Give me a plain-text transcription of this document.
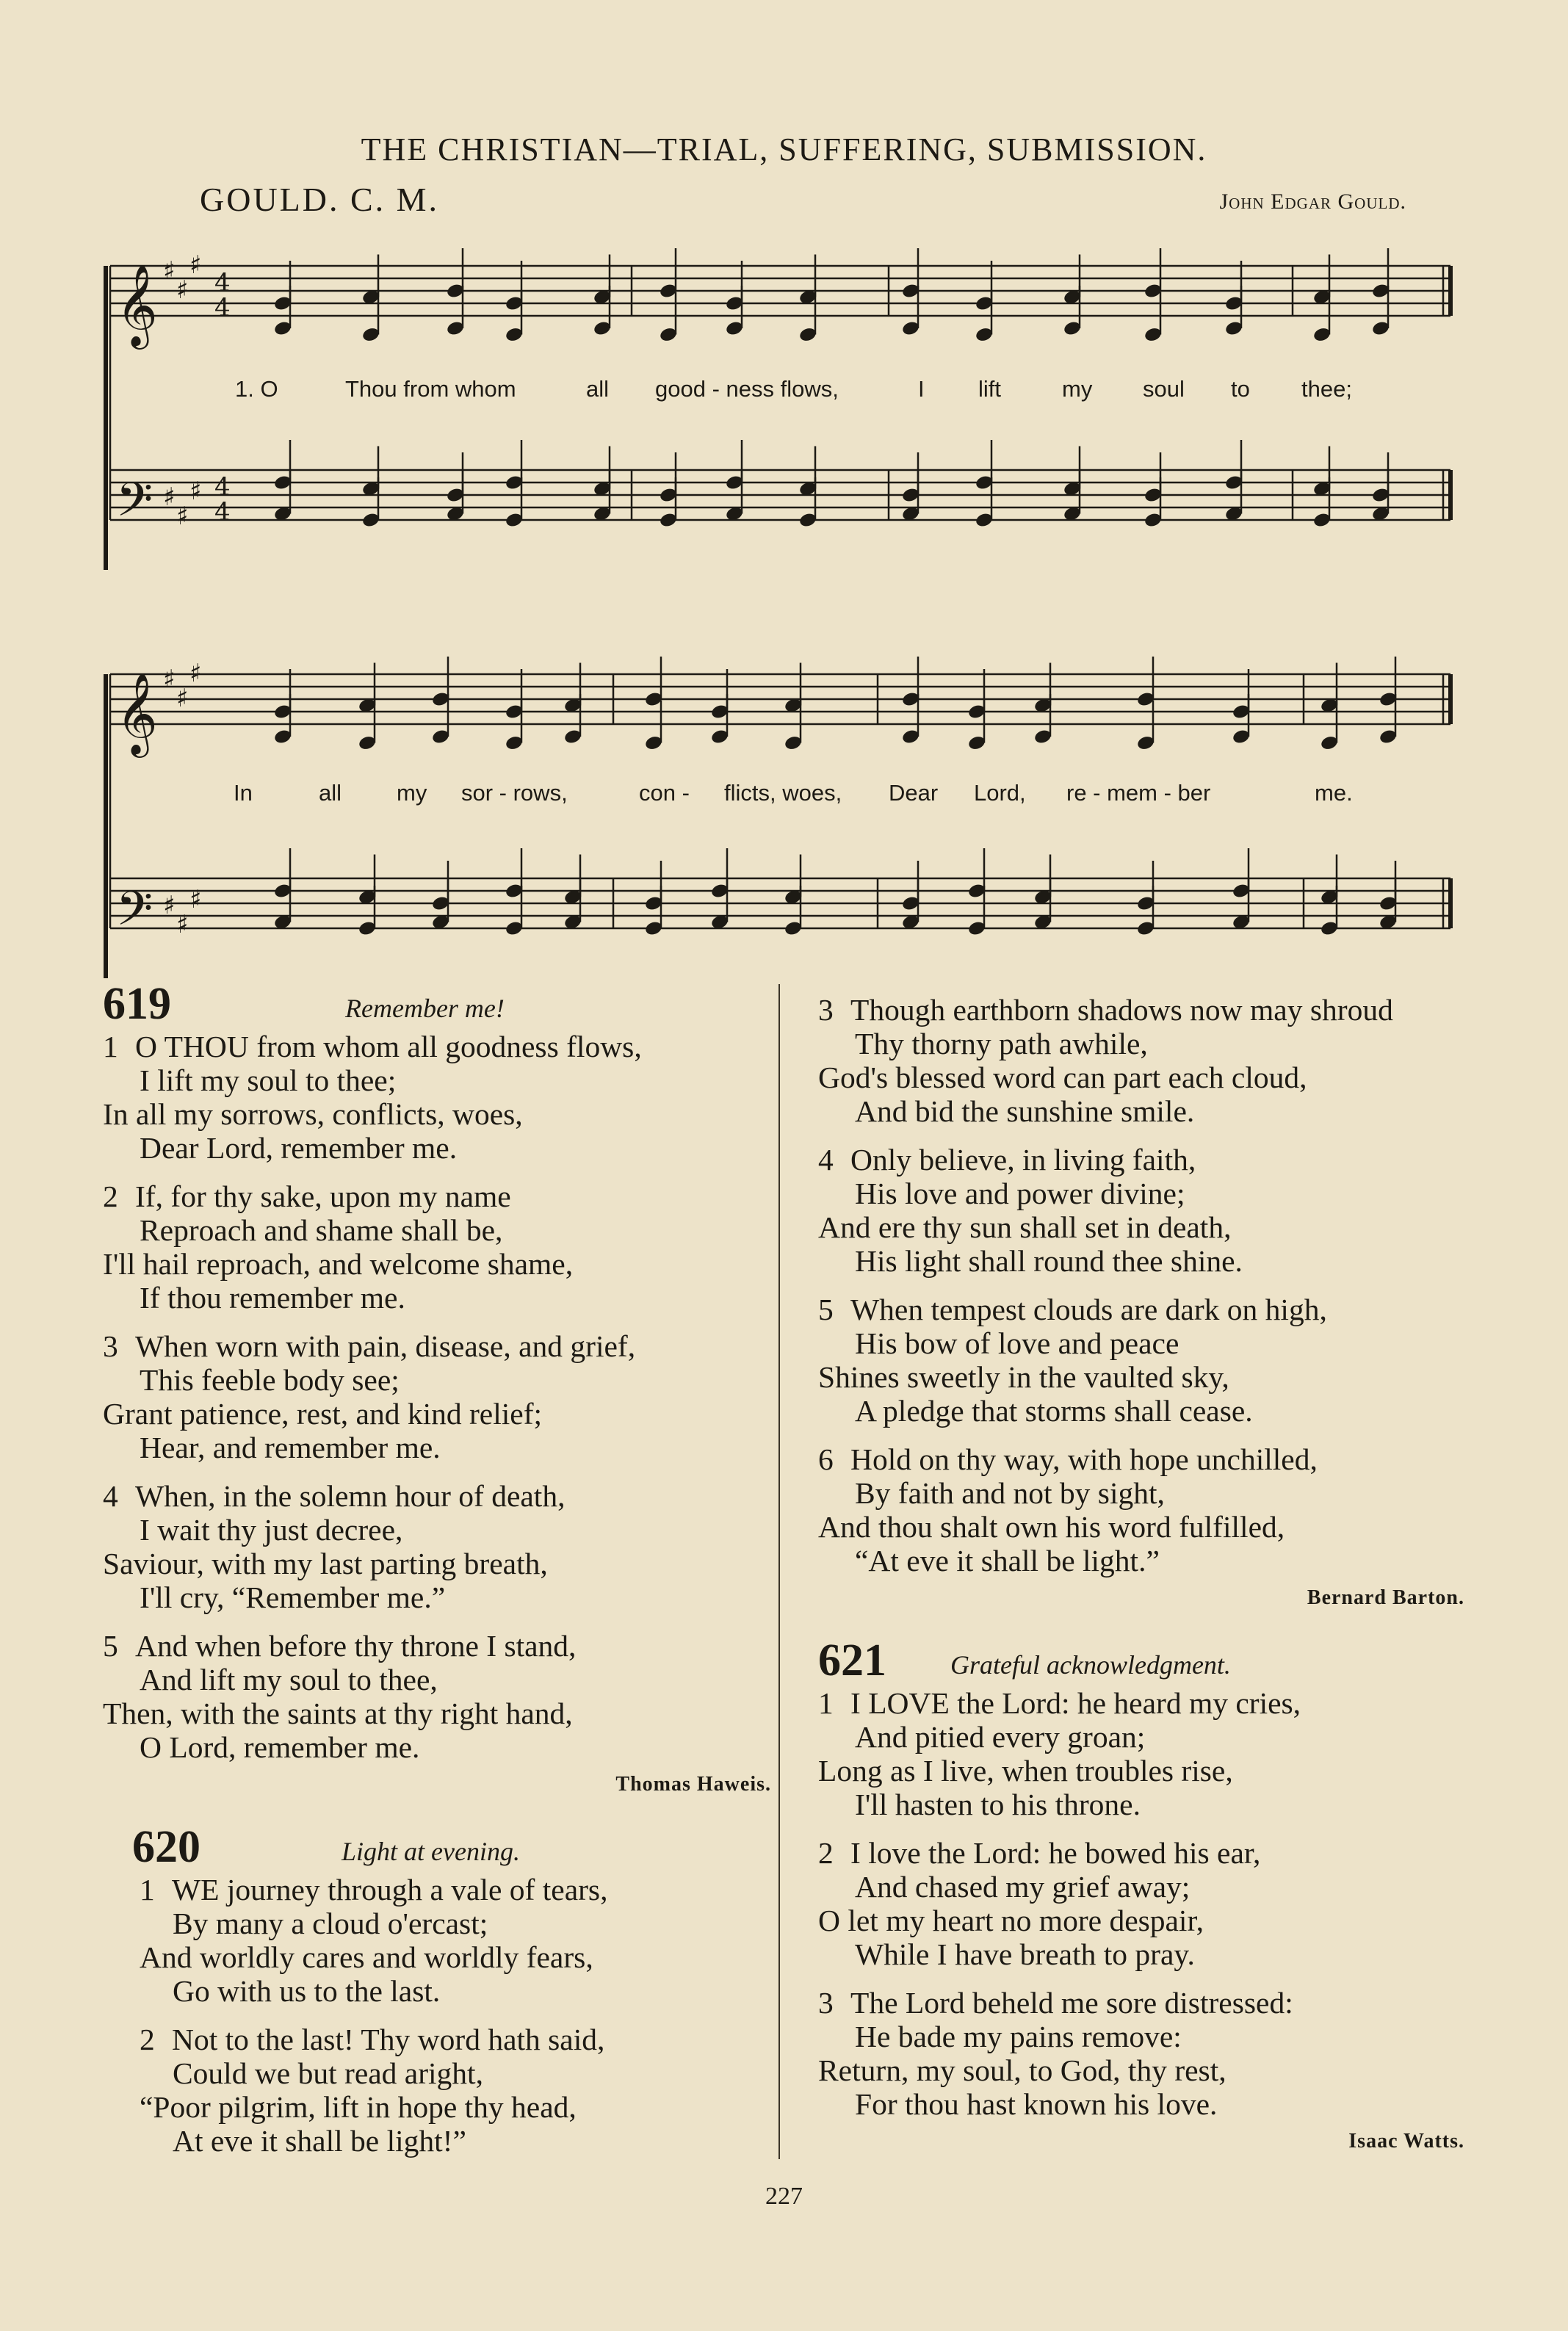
THE CHRISTIAN—TRIAL, SUFFERING, SUBMISSION.
GOULD. C. M.	John Edgar Gould.
𝄞
𝄢
𝄞
𝄢
♯
♯
♯
4
4
♯
♯
♯ 4
4
♯
♯
♯
♯
♯
♯
1. O	Thou from whom	all good - ness flows,	I lift	my soul to thee;
In	all my sor - rows,	con - flicts, woes, Dear Lord, re - mem - ber	me.
619	Remember me!
1 O THOU from whom all goodness flows,
I lift my soul to thee;
In all my sorrows, conflicts, woes,
Dear Lord, remember me.
2 If, for thy sake, upon my name
Reproach and shame shall be,
I'll hail reproach, and welcome shame,
If thou remember me.
3 When worn with pain, disease, and grief,
This feeble body see;
Grant patience, rest, and kind relief;
Hear, and remember me.
4 When, in the solemn hour of death,
I wait thy just decree,
Saviour, with my last parting breath,
I'll cry, “Remember me.”
5 And when before thy throne I stand,
And lift my soul to thee,
Then, with the saints at thy right hand,
O Lord, remember me.
Thomas Haweis.
620	Light at evening.
1 WE journey through a vale of tears,
By many a cloud o'ercast;
And worldly cares and worldly fears,
Go with us to the last.
2 Not to the last! Thy word hath said,
Could we but read aright,
“Poor pilgrim, lift in hope thy head,
At eve it shall be light!”
3 Though earthborn shadows now may shroud
Thy thorny path awhile,
God's blessed word can part each cloud,
And bid the sunshine smile.
4 Only believe, in living faith,
His love and power divine;
And ere thy sun shall set in death,
His light shall round thee shine.
5 When tempest clouds are dark on high,
His bow of love and peace
Shines sweetly in the vaulted sky,
A pledge that storms shall cease.
6 Hold on thy way, with hope unchilled,
By faith and not by sight,
And thou shalt own his word fulfilled,
“At eve it shall be light.”
Bernard Barton.
621 Grateful acknowledgment.
1 I LOVE the Lord: he heard my cries,
And pitied every groan;
Long as I live, when troubles rise,
I'll hasten to his throne.
2 I love the Lord: he bowed his ear,
And chased my grief away;
O let my heart no more despair,
While I have breath to pray.
3 The Lord beheld me sore distressed:
He bade my pains remove:
Return, my soul, to God, thy rest,
For thou hast known his love.
Isaac Watts.
227
